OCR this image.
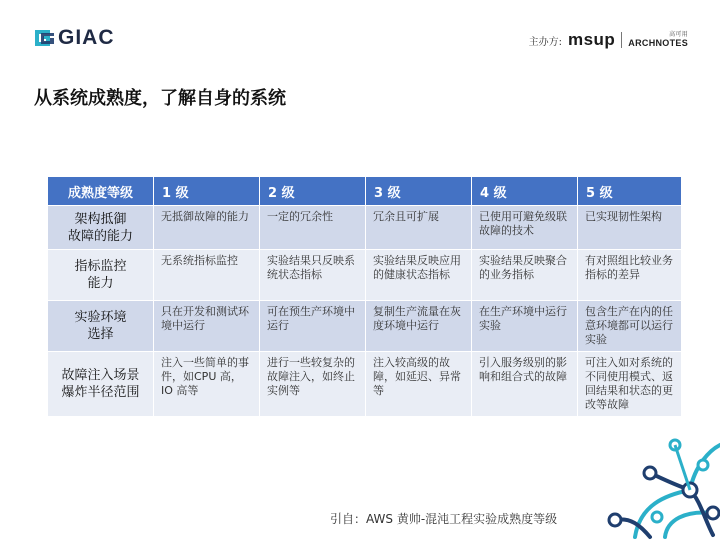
GIAC	主办方: msup	高可用
ARCHNOTES
从系统成熟度，了解自身的系统
成熟度等级	1 级	2 级	3 级	4 级	5 级

架构抵御
故障的能力	无抵御故障的能力	一定的冗余性	冗余且可扩展	已使用可避免级联故障的技术	已实现韧性架构

指标监控
能力	无系统指标监控	实验结果只反映系统状态指标	实验结果反映应用的健康状态指标	实验结果反映聚合的业务指标	有对照组比较业务指标的差异

实验环境
选择	只在开发和测试环境中运行	可在预生产环境中运行	复制生产流量在灰度环境中运行	在生产环境中运行实验	包含生产在内的任意环境都可以运行实验

故障注入场景
爆炸半径范围	注入一些简单的事件，如CPU 高，IO 高等	进行一些较复杂的故障注入，如终止实例等	注入较高级的故障，如延迟、异常等	引入服务级别的影响和组合式的故障	可注入如对系统的不同使用模式、返回结果和状态的更改等故障
引自：AWS 黄帅-混沌工程实验成熟度等级
